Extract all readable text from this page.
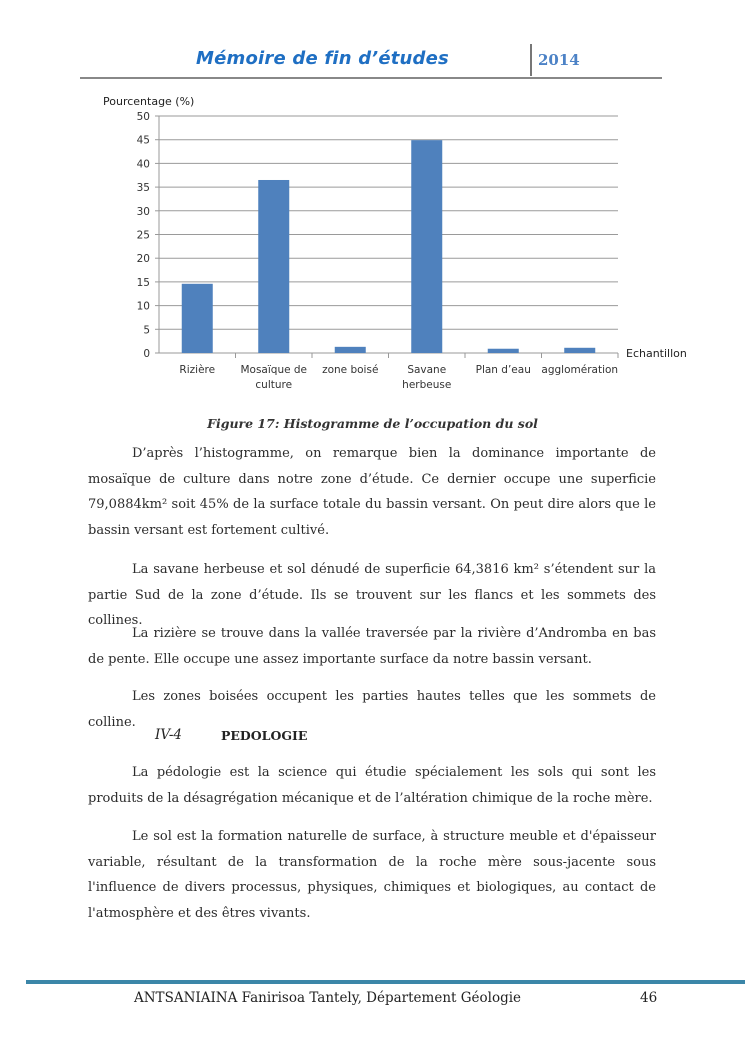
Mémoire de fin d’études	2014
0
5
10
15
20
25
30
35
40
45
50
Pourcentage (%)
Echantillon
Rizière Mosaïque de
culture
zone boisé	Savane
herbeuse
Plan d’eau agglomération
Figure 17: Histogramme de l’occupation du sol

D’après l’histogramme, on remarque bien la dominance importante de mosaïque de culture dans notre zone d’étude. Ce dernier occupe une superficie 79,0884km² soit 45% de la surface totale du bassin versant. On peut dire alors que le bassin versant est fortement cultivé.

La savane herbeuse et sol dénudé de superficie 64,3816 km² s’étendent sur la partie Sud de la zone d’étude. Ils se trouvent sur les flancs et les sommets des collines.

La rizière se trouve dans la vallée traversée par la rivière d’Andromba en bas de pente. Elle occupe une assez importante surface da notre bassin versant.

Les zones boisées occupent les parties hautes telles que les sommets de colline.

IV-4	PEDOLOGIE

La pédologie est la science qui étudie spécialement les sols qui sont les produits de la désagrégation mécanique et de l’altération chimique de la roche mère.

Le sol est la formation naturelle de surface, à structure meuble et d'épaisseur variable, résultant de la transformation de la roche mère sous-jacente sous l'influence de divers processus, physiques, chimiques et biologiques, au contact de l'atmosphère et des êtres vivants.

ANTSANIAINA Fanirisoa Tantely, Département Géologie	46
